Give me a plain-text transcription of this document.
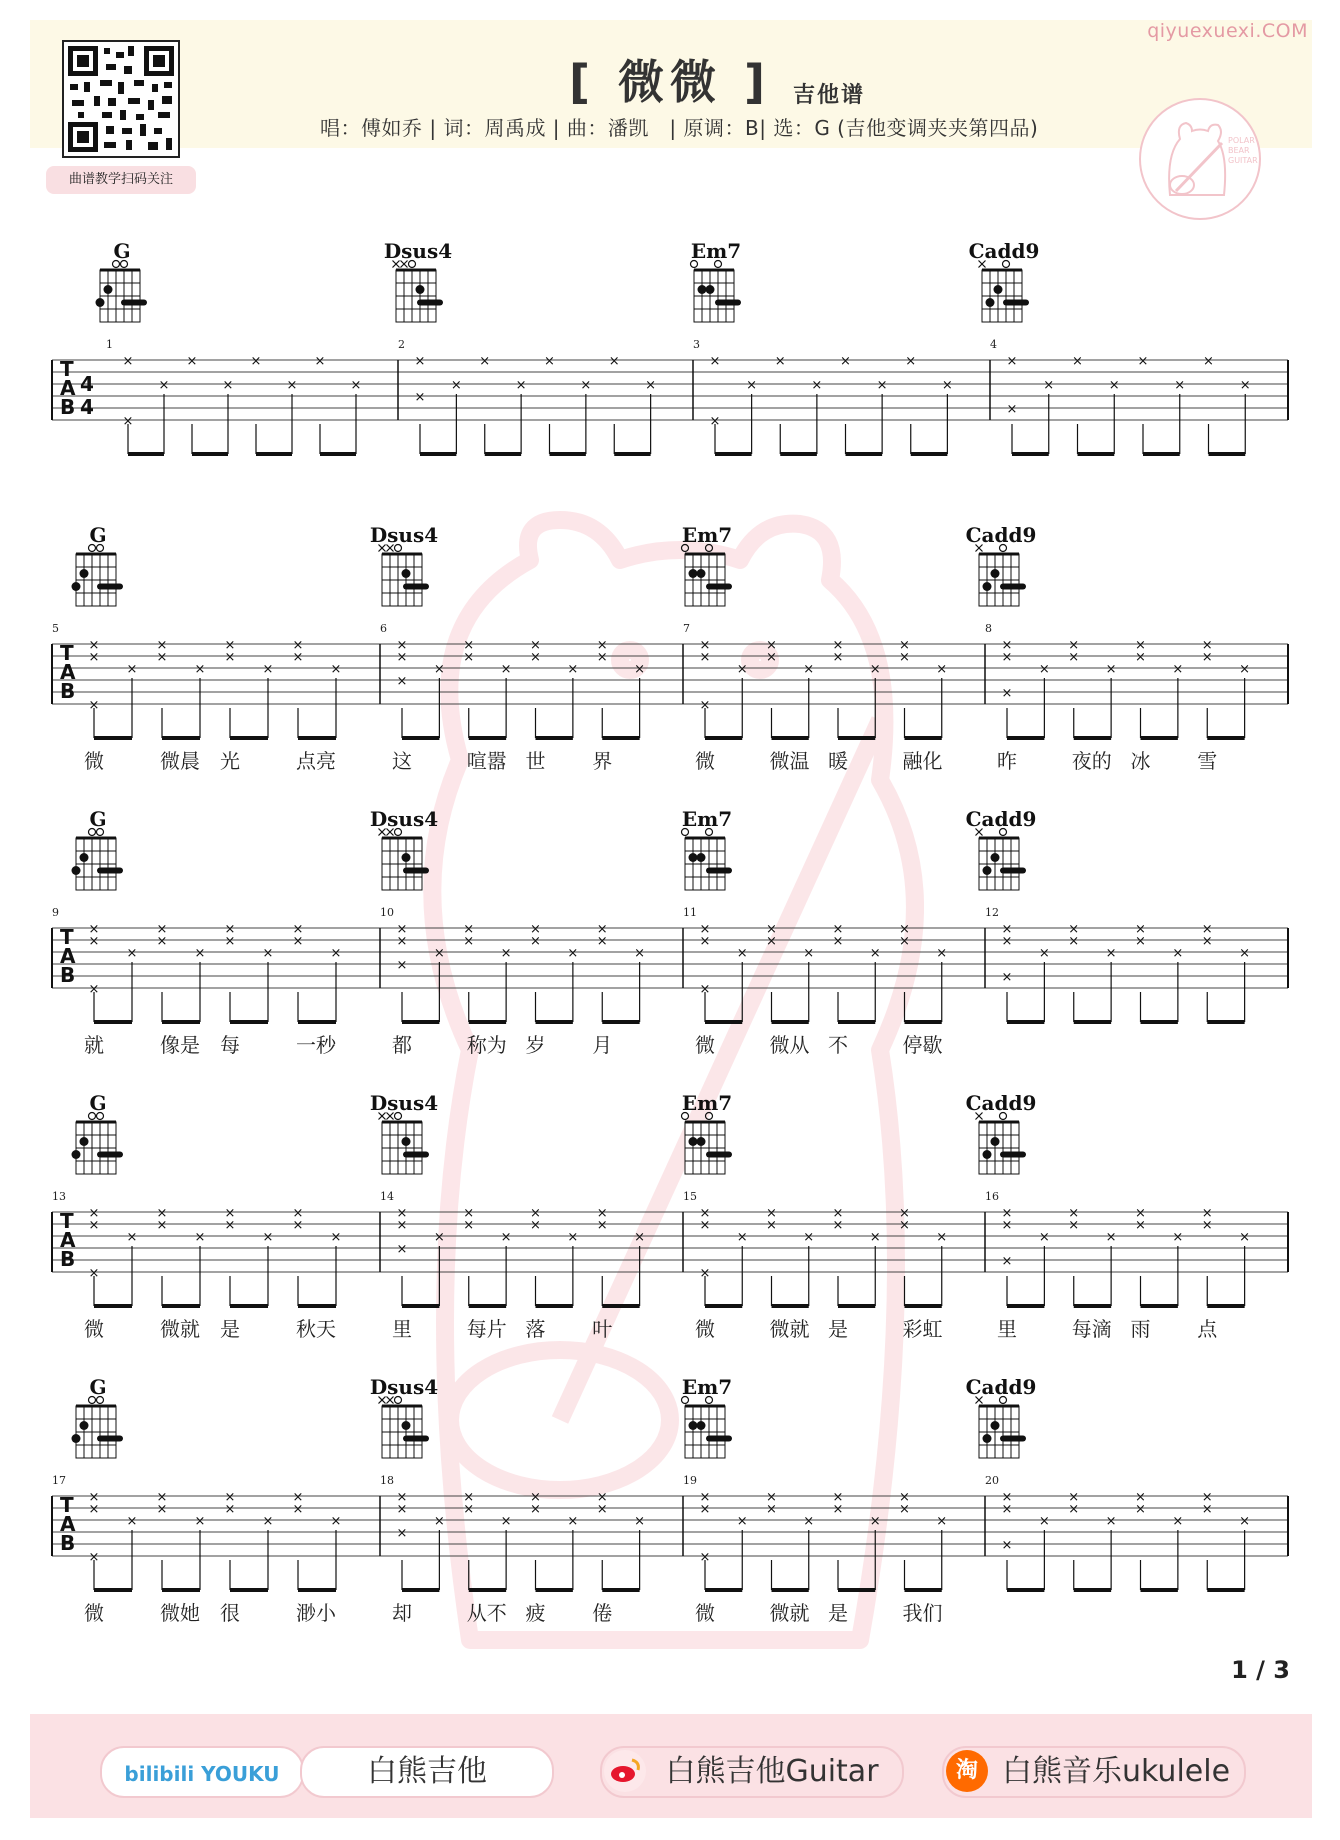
曲谱教学扫码关注
qiyuexuexi.COM
[ 微微 ] 吉他谱
唱：傅如乔 | 词：周禹成 | 曲：潘凯　| 原调：B| 选：G (吉他变调夹夹第四品)
POLAR
BEAR
GUITAR
T
A
B
4
4
1
×
×
×
×
×
×
×
×
×
2
×
×
×
×
×
×
×
×
×
3
×
×
×
×
×
×
×
×
×
4
×
×
×
×
×
×
×
×
×
G	Dsus4	Em7	Cadd9
T
A
B
5
×
×
×
×
微
×
×
×
微晨
×
×
×
光
×
×
×
点亮
6
×
×
×
×
这
×
×
×
喧嚣
×
×
×
世
×
×
×
界
7
×
×
×
×
微
×
×
×
微温
×
×
×
暖
×
×
×
融化
8
×
×
×
×
昨
×
×
×
夜的
×
×
×
冰
×
×
×
雪
G	Dsus4	Em7	Cadd9
T
A
B
9
×
×
×
×
就
×
×
×
像是
×
×
×
每
×
×
×
一秒
10
×
×
×
×
都
×
×
×
称为
×
×
×
岁
×
×
×
月
11
×
×
×
×
微
×
×
×
微从
×
×
×
不
×
×
×
停歇
12
×
×
×
×
×
×
×
×
×
×
×
×
×
G	Dsus4	Em7	Cadd9
T
A
B
13
×
×
×
×
微
×
×
×
微就
×
×
×
是
×
×
×
秋天
14
×
×
×
×
里
×
×
×
每片
×
×
×
落
×
×
×
叶
15
×
×
×
×
微
×
×
×
微就
×
×
×
是
×
×
×
彩虹
16
×
×
×
×
里
×
×
×
每滴
×
×
×
雨
×
×
×
点
G	Dsus4	Em7	Cadd9
T
A
B
17
×
×
×
×
微
×
×
×
微她
×
×
×
很
×
×
×
渺小
18
×
×
×
×
却
×
×
×
从不
×
×
×
疲
×
×
×
倦
19
×
×
×
×
微
×
×
×
微就
×
×
×
是
×
×
×
我们
20
×
×
×
×
×
×
×
×
×
×
×
×
×
G	Dsus4	Em7	Cadd9
1 / 3
bilibili YOUKU	白熊吉他	白熊吉他Guitar	淘 白熊音乐ukulele
